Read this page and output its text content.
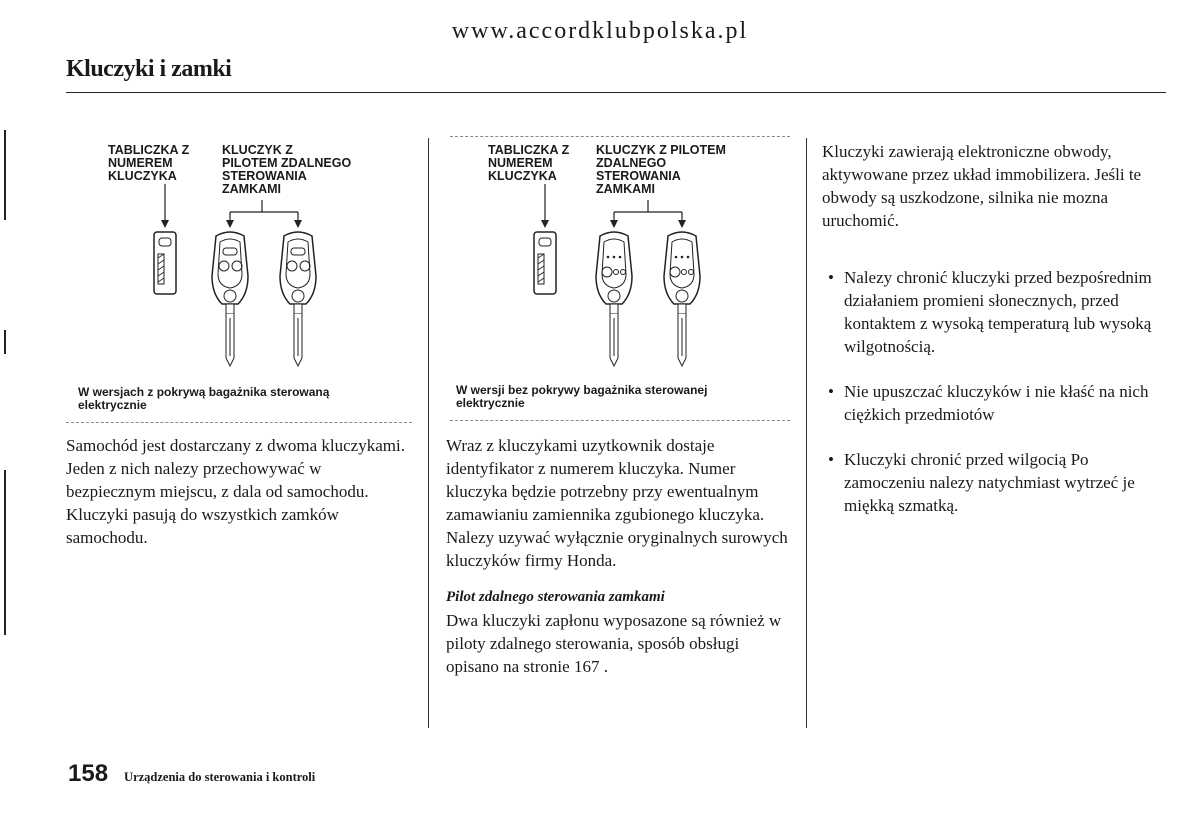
www.accordklubpolska.pl
Kluczyki i zamki
TABLICZKA Z
NUMEREM
KLUCZYKA
KLUCZYK Z
PILOTEM ZDALNEGO
STEROWANIA
ZAMKAMI
W wersjach z pokrywą bagażnika sterowaną
elektrycznie
TABLICZKA Z
NUMEREM
KLUCZYKA
KLUCZYK Z PILOTEM
ZDALNEGO
STEROWANIA
ZAMKAMI
W wersji bez pokrywy bagażnika sterowanej
elektrycznie

Samochód jest dostarczany z dwoma kluczykami. Jeden z nich nalezy przechowywać w bezpiecznym miejscu, z dala od samochodu.

Kluczyki pasują do wszystkich zamków samochodu.

Wraz z kluczykami uzytkownik dostaje identyfikator z numerem kluczyka. Numer kluczyka będzie potrzebny przy ewentualnym zamawianiu zamiennika zgubionego kluczyka. Nalezy uzywać wyłącznie oryginalnych surowych kluczyków firmy Honda.

Pilot zdalnego sterowania zamkami

Dwa kluczyki zapłonu wyposazone są również w piloty zdalnego sterowania, sposób obsługi opisano na stronie 167 .

Kluczyki zawierają elektroniczne obwody, aktywowane przez układ immobilizera. Jeśli te obwody są uszkodzone, silnika nie mozna uruchomić.

• Nalezy chronić kluczyki przed bezpośrednim działaniem promieni słonecznych, przed kontaktem z wysoką temperaturą lub wysoką wilgotnością.
• Nie upuszczać kluczyków i nie kłaść na nich ciężkich przedmiotów
• Kluczyki chronić przed wilgocią Po zamoczeniu nalezy natychmiast wytrzeć je miękką szmatką.
158 Urządzenia do sterowania i kontroli
